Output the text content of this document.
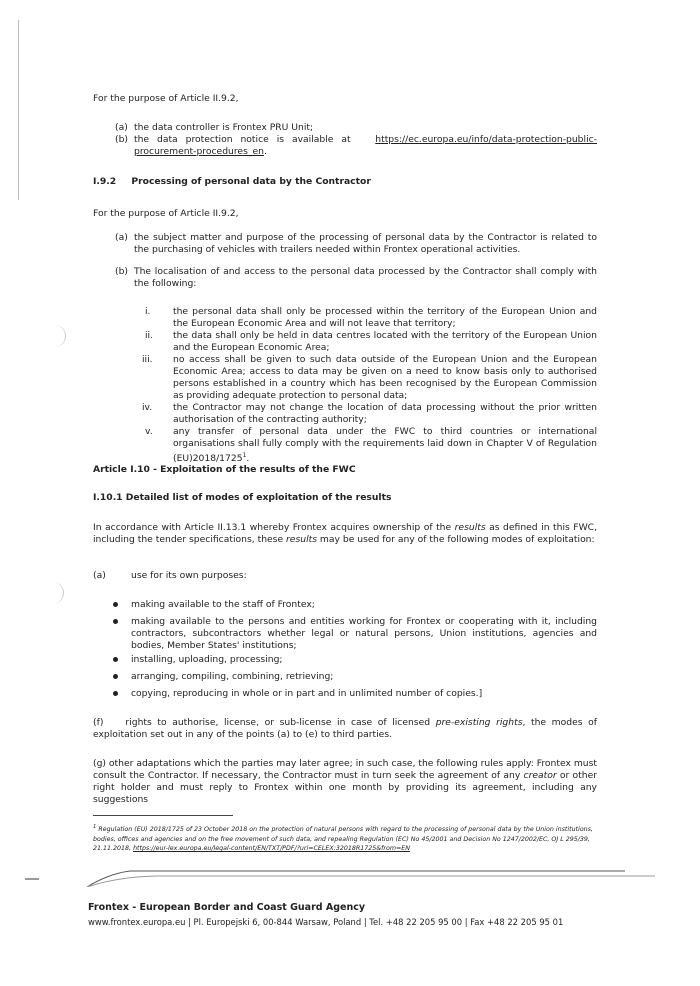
For the purpose of Article II.9.2,
(a) the data controller is Frontex PRU Unit;
(b) the data protection notice is available at	https://ec.europa.eu/info/data-protection-public-
procurement-procedures_en.
I.9.2 Processing of personal data by the Contractor
For the purpose of Article II.9.2,
(a) the subject matter and purpose of the processing of personal data by the Contractor is related to the purchasing of vehicles with trailers needed within Frontex operational activities.
(b) The localisation of and access to the personal data processed by the Contractor shall comply with the following:
i. the personal data shall only be processed within the territory of the European Union and the European Economic Area and will not leave that territory;
ii. the data shall only be held in data centres located with the territory of the European Union and the European Economic Area;
iii. no access shall be given to such data outside of the European Union and the European Economic Area; access to data may be given on a need to know basis only to authorised persons established in a country which has been recognised by the European Commission as providing adequate protection to personal data;
iv. the Contractor may not change the location of data processing without the prior written authorisation of the contracting authority;
v. any transfer of personal data under the FWC to third countries or international organisations shall fully comply with the requirements laid down in Chapter V of Regulation (EU)2018/1725$^1$.
Article I.10 - Exploitation of the results of the FWC
I.10.1 Detailed list of modes of exploitation of the results
In accordance with Article II.13.1 whereby Frontex acquires ownership of the results as defined in this FWC, including the tender specifications, these results may be used for any of the following modes of exploitation:
(a)	use for its own purposes:
making available to the staff of Frontex;
making available to the persons and entities working for Frontex or cooperating with it, including contractors, subcontractors whether legal or natural persons, Union institutions, agencies and bodies, Member States' institutions;
installing, uploading, processing;
arranging, compiling, combining, retrieving;
copying, reproducing in whole or in part and in unlimited number of copies.]
(f) rights to authorise, license, or sub-license in case of licensed pre-existing rights, the modes of exploitation set out in any of the points (a) to (e) to third parties.
(g) other adaptations which the parties may later agree; in such case, the following rules apply: Frontex must consult the Contractor. If necessary, the Contractor must in turn seek the agreement of any creator or other right holder and must reply to Frontex within one month by providing its agreement, including any suggestions
$^1$ Regulation (EU) 2018/1725 of 23 October 2018 on the protection of natural persons with regard to the processing of personal data by the Union institutions, bodies, offices and agencies and on the free movement of such data, and repealing Regulation (EC) No 45/2001 and Decision No 1247/2002/EC, OJ L 295/39, 21.11.2018, https://eur-lex.europa.eu/legal-content/EN/TXT/PDF/?uri=CELEX:32018R1725&from=EN
Frontex - European Border and Coast Guard Agency
www.frontex.europa.eu | Pl. Europejski 6, 00-844 Warsaw, Poland | Tel. +48 22 205 95 00 | Fax +48 22 205 95 01
